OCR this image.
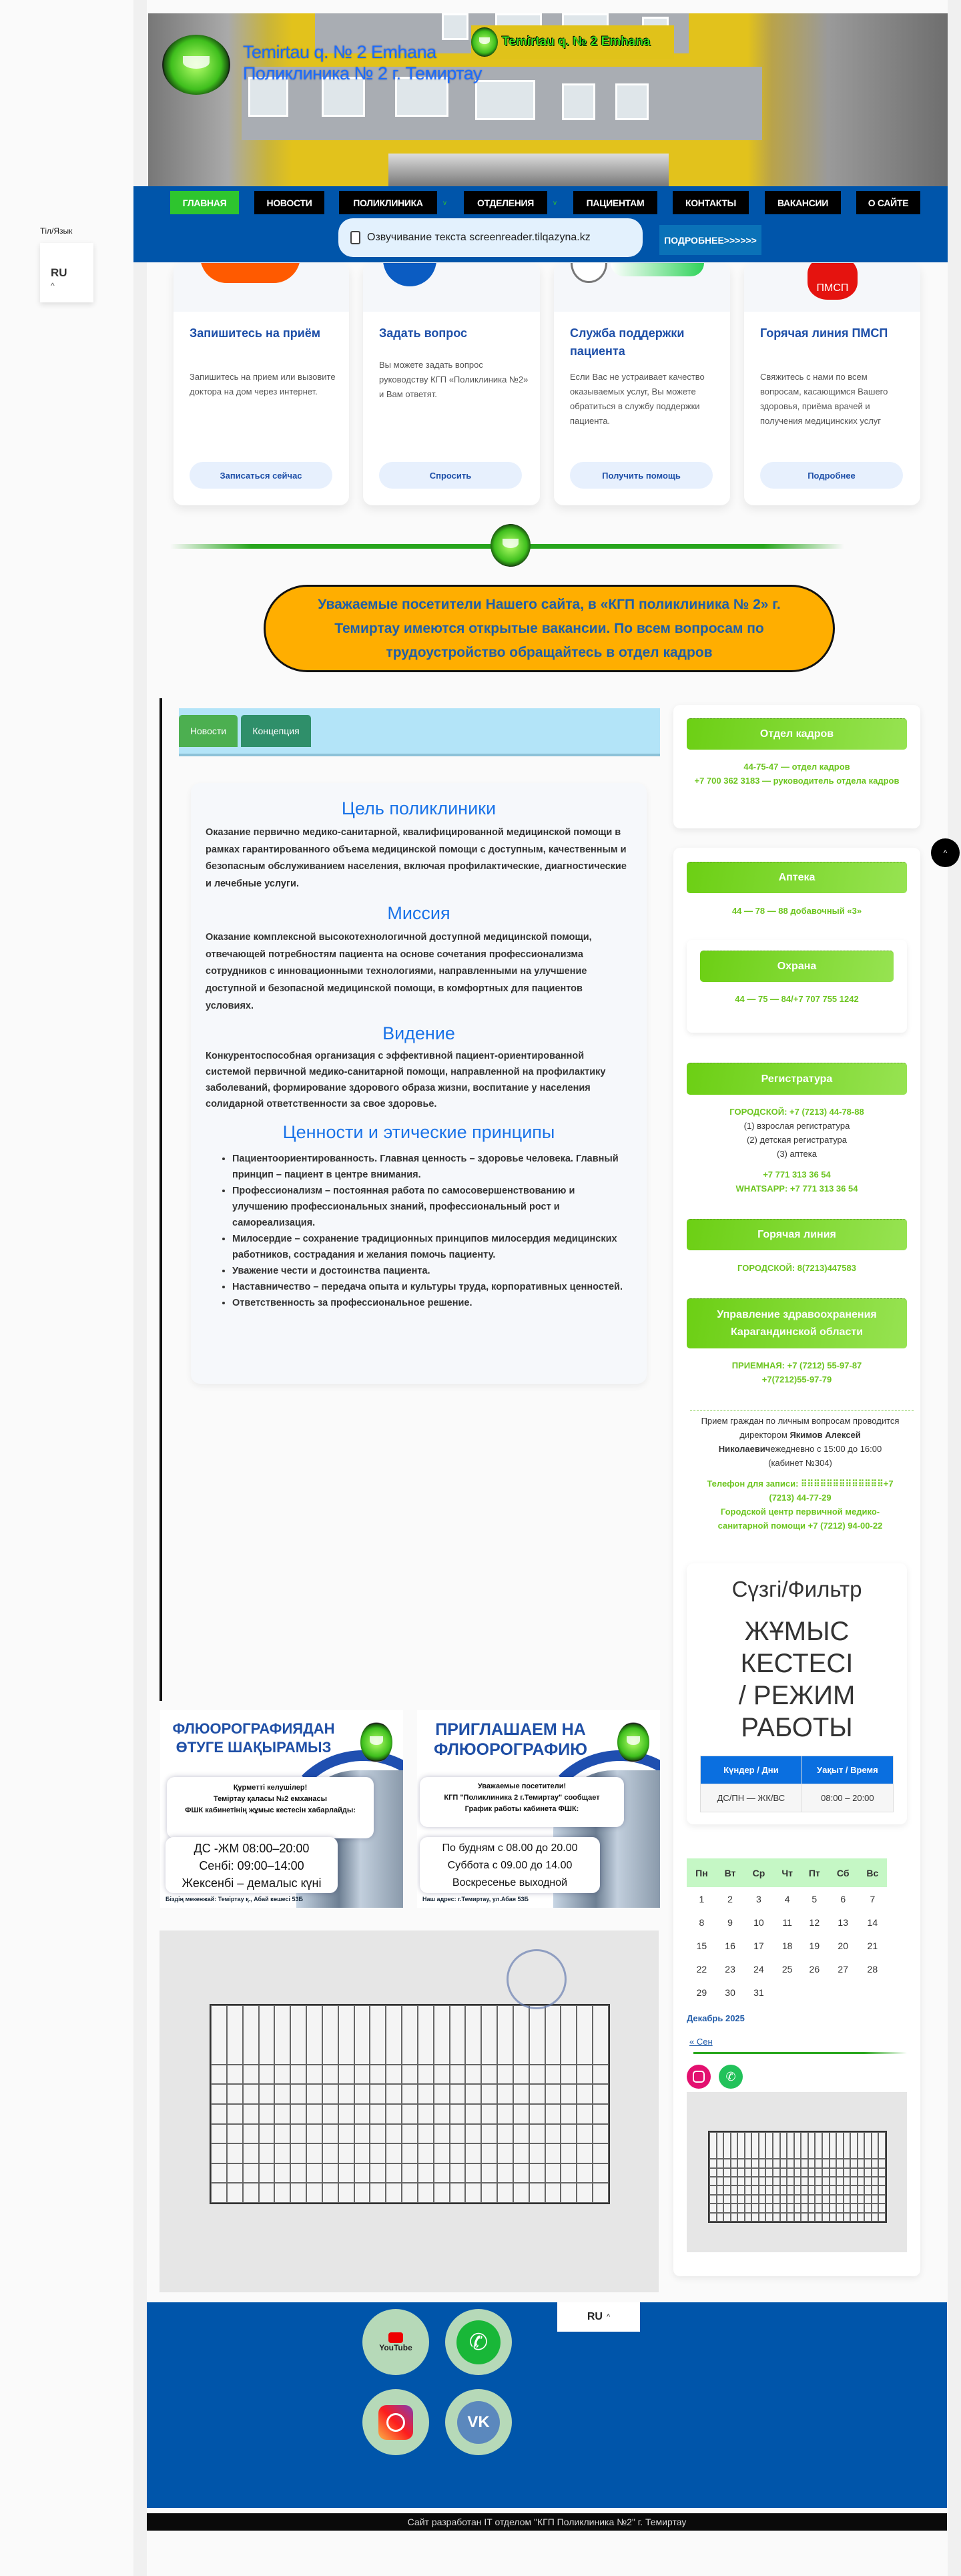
Temirtau q. № 2 Emhana
Поликлиника № 2 г. Темиртау
Temirtau q. № 2 Emhana
ГЛАВНАЯ	НОВОСТИ	ПОЛИКЛИНИКА	v	ОТДЕЛЕНИЯ	v	ПАЦИЕНТАМ	КОНТАКТЫ	ВАКАНСИИ	О САЙТЕ
Озвучивание текста screenreader.tilqazyna.kz	ПОДРОБНЕЕ>>>>>>
Тіл/Язык
RU
^
Запишитесь на приём

Запишитесь на прием или вызовите доктора на дом через интернет.

Записаться сейчас
Задать вопрос

Вы можете задать вопрос руководству КГП «Поликлиника №2» и Вам ответят.

Спросить
Служба поддержки пациента

Если Вас не устраивает качество оказываемых услуг, Вы можете обратиться в службу поддержки пациента.

Получить помощь
ПМСП
Горячая линия ПМСП

Свяжитесь с нами по всем вопросам, касающимся Вашего здоровья, приёма врачей и получения медицинских услуг

Подробнее
Уважаемые посетители Нашего сайта, в «КГП поликлиника № 2» г. Темиртау имеются открытые вакансии. По всем вопросам по трудоустройство обращайтесь в отдел кадров
Новости	Концепция
Цель поликлиники

Оказание первично медико-санитарной, квалифицированной медицинской помощи в рамках гарантированного объема медицинской помощи с доступным, качественным и безопасным обслуживанием населения, включая профилактические, диагностические и лечебные услуги.

Миссия

Оказание комплексной высокотехнологичной доступной медицинской помощи, отвечающей потребностям пациента на основе сочетания профессионализма сотрудников с инновационными технологиями, направленными на улучшение доступной и безопасной медицинской помощи, в комфортных для пациентов условиях.

Видение

Конкурентоспособная организация с эффективной пациент-ориентированной системой первичной медико-санитарной помощи, направленной на профилактику заболеваний, формирование здорового образа жизни, воспитание у населения солидарной ответственности за свое здоровье.

Ценности и этические принципы
• Пациентоориентированность. Главная ценность – здоровье человека. Главный принцип – пациент в центре внимания.
• Профессионализм – постоянная работа по самосовершенствованию и улучшению профессиональных знаний, профессиональный рост и самореализация.
• Милосердие – сохранение традиционных принципов милосердия медицинских работников, сострадания и желания помочь пациенту.
• Уважение чести и достоинства пациента.
• Наставничество – передача опыта и культуры труда, корпоративных ценностей.
• Ответственность за профессиональное решение.
ФЛЮОРОГРАФИЯДАН ӨТУГЕ ШАҚЫРАМЫЗ
Құрметті келушілер!
Теміртау қаласы №2 емханасы
ФШК кабинетінің жұмыс кестесін хабарлайды:
ДС -ЖМ 08:00–20:00
Сенбі: 09:00–14:00
Жексенбі – демалыс күні
Біздің мекенжай: Теміртау қ., Абай көшесі 53Б
ПРИГЛАШАЕМ НА ФЛЮОРОГРАФИЮ
Уважаемые посетители!
КГП "Поликлиника 2 г.Темиртау" сообщает
График работы кабинета ФШК:
По будням с 08.00 до 20.00
Суббота с 09.00 до 14.00
Воскресенье выходной
Наш адрес: г.Темиртау, ул.Абая 53Б
Отдел кадров
44-75-47 — отдел кадров
+7 700 362 3183 — руководитель отдела кадров
Аптека
44 — 78 — 88 добавочный «3»
Охрана
44 — 75 — 84/+7 707 755 1242
Регистратура
ГОРОДСКОЙ: +7 (7213) 44-78-88
(1) взрослая регистратура
(2) детская регистратура
(3) аптека
+7 771 313 36 54
WHATSAPP: +7 771 313 36 54
Горячая линия
ГОРОДСКОЙ: 8(7213)447583
Управление здравоохранения Карагандинской области
ПРИЕМНАЯ: +7 (7212) 55-97-87
+7(7212)55-97-79
Прием граждан по личным вопросам проводится директором Якимов Алексей Николаевичежедневно с 15:00 до 16:00 (кабинет №304)
Телефон для записи: ⠿⠿⠿⠿⠿⠿⠿⠿⠿⠿⠿⠿⠿+7 (7213) 44-77-29
Городской центр первичной медико-санитарной помощи +7 (7212) 94-00-22
Сүзгі/Фильтр
ЖҰМЫС КЕСТЕСІ / РЕЖИМ РАБОТЫ
Күндер / Дни	Уақыт / Время
ДС/ПН — ЖК/ВС	08:00 – 20:00
Пн	Вт	Ср	Чт	Пт	Сб	Вс
1	2	3	4	5	6	7
8	9	10	11	12	13	14
15	16	17	18	19	20	21
22	23	24	25	26	27	28
29	30	31				
Декабрь 2025
« Сен
✆
^
YouTube	✆
VK
RU ^
Сайт разработан IT отделом "КГП Поликлиника №2" г. Темиртау
